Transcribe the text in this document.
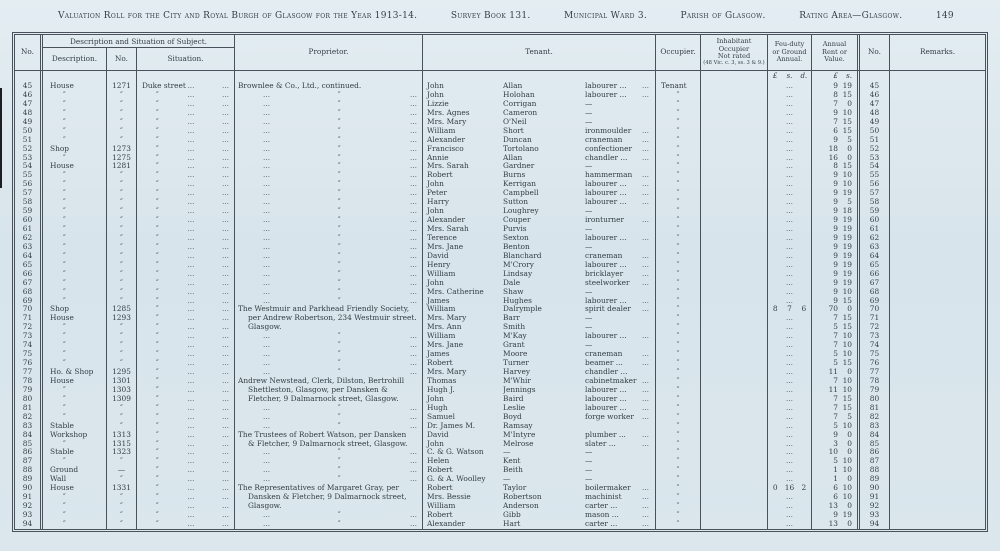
Valuation Roll for the City and Royal Burgh of Glasgow for the Year 1913-14.	Survey Book 131.	Municipal Ward 3.	Parish of Glasgow.	Rating Area—Glasgow.	149
No.
Description and Situation of Subject.
Description.	No.	Situation.
Proprietor.	Tenant.	Occupier.
Inhabitant Occupier
Not rated
(48 Vic. c. 3, ss. 3 & 9.)
Feu-duty
or Ground
Annual.
Annual
Rent or
Value.
No.	Remarks.
£	s.	d.	£	s.
45	House	1271	Duke street ...	...	Brownlee & Co., Ltd., continued.	John	Allan	labourer ... ...	Tenant	...	9 19	45
46	″	″	″	...	...	...	″	...	John	Holohan	labourer ... ...	″	...	8 15	46
47	″	″	″	...	...	...	″	...	Lizzie	Corrigan	—	″	...	7	0	47
48	″	″	″	...	...	...	″	...	Mrs. Agnes	Cameron	—	″	...	9 10	48
49	″	″	″	...	...	...	″	...	Mrs. Mary	O'Neil	—	″	...	7 15	49
50	″	″	″	...	...	...	″	...	William	Short	ironmoulder ...	″	...	6 15	50
51	″	″	″	...	...	...	″	...	Alexander	Duncan	craneman	...	″	...	9	5	51
52	Shop	1273	″	...	...	...	″	...	Francisco	Tortolano	confectioner ...	″	...	18	0	52
53	″	1275	″	...	...	...	″	...	Annie	Allan	chandler ... ...	″	...	16	0	53
54	House	1281	″	...	...	...	″	...	Mrs. Sarah	Gardner	—	″	...	8 15	54
55	″	″	″	...	...	...	″	...	Robert	Burns	hammerman ...	″	...	9 10	55
56	″	″	″	...	...	...	″	...	John	Kerrigan	labourer ... ...	″	...	9 10	56
57	″	″	″	...	...	...	″	...	Peter	Campbell	labourer ... ...	″	...	9 19	57
58	″	″	″	...	...	...	″	...	Harry	Sutton	labourer ... ...	″	...	9	5	58
59	″	″	″	...	...	...	″	...	John	Loughrey	—	″	...	9 18	59
60	″	″	″	...	...	...	″	...	Alexander	Couper	ironturner ...	″	...	9 19	60
61	″	″	″	...	...	...	″	...	Mrs. Sarah	Purvis	—	″	...	9 19	61
62	″	″	″	...	...	...	″	...	Terence	Sexton	labourer ... ...	″	...	9 19	62
63	″	″	″	...	...	...	″	...	Mrs. Jane	Benton	—	″	...	9 19	63
64	″	″	″	...	...	...	″	...	David	Blanchard	craneman	...	″	...	9 19	64
65	″	″	″	...	...	...	″	...	Henry	M'Crory	labourer ... ...	″	...	9 19	65
66	″	″	″	...	...	...	″	...	William	Lindsay	bricklayer	...	″	...	9 19	66
67	″	″	″	...	...	...	″	...	John	Dale	steelworker ...	″	...	9 19	67
68	″	″	″	...	...	...	″	...	Mrs. Catherine	Shaw	—	″	...	9 10	68
69	″	″	″	...	...	...	″	...	James	Hughes	labourer ... ...	″	...	9 15	69
70	Shop	1285	″	...	...	The Westmuir and Parkhead Friendly Society,	William	Dalrymple	spirit dealer ...	″	8	7	6	70	0	70
71	House	1293	″	...	...	per Andrew Robertson, 234 Westmuir street.	Mrs. Mary	Barr	—	″	...	7 15	71
72	″	″	″	...	...	Glasgow.	Mrs. Ann	Smith	—	″	...	5 15	72
73	″	″	″	...	...	...	″	...	William	M'Kay	labourer ... ...	″	...	7 10	73
74	″	″	″	...	...	...	″	...	Mrs. Jane	Grant	—	″	...	7 10	74
75	″	″	″	...	...	...	″	...	James	Moore	craneman	...	″	...	5 10	75
76	″	″	″	...	...	...	″	...	Robert	Turner	beamer ...	...	″	...	5 15	76
77	Ho. & Shop	1295	″	...	...	...	″	...	Mrs. Mary	Harvey	chandler ...	″	...	11	0	77
78	House	1301	″	...	...	Andrew Newstead, Clerk, Dilston, Bertrohill	Thomas	M'Whir	cabinetmaker ...	″	...	7 10	78
79	″	1303	″	...	...	Shettleston, Glasgow, per Dansken &	Hugh J.	Jennings	labourer ... ...	″	...	11 10	79
80	″	1309	″	...	...	Fletcher, 9 Dalmarnock street, Glasgow.	John	Baird	labourer ... ...	″	...	7 15	80
81	″	″	″	...	...	...	″	...	Hugh	Leslie	labourer ... ...	″	...	7 15	81
82	″	″	″	...	...	...	″	...	Samuel	Boyd	forge worker ...	″	...	7	5	82
83	Stable	″	″	...	...	...	″	...	Dr. James M.	Ramsay	″	...	5 10	83
84	Workshop	1313	″	...	...	The Trustees of Robert Watson, per Dansken	David	M'Intyre	plumber ... ...	″	...	9	0	84
85	″	1315	″	...	...	& Fletcher, 9 Dalmarnock street, Glasgow.	John	Melrose	slater ...	...	″	...	3	0	85
86	Stable	1323	″	...	...	...	″	...	C. & G. Watson	—	—	″	...	10	0	86
87	″	″	″	...	...	...	″	...	Helen	Kent	—	″	...	5 10	87
88	Ground	—	″	...	...	...	″	...	Robert	Beith	—	″	...	1 10	88
89	Wall	″	″	...	...	...	″	...	G. & A. Woolley	—	—	″	...	1	0	89
90	House	1331	″	...	...	The Representatives of Margaret Gray, per	Robert	Taylor	boilermaker ...	″	0 16 2	6 10	90
91	″	″	″	...	...	Dansken & Fletcher, 9 Dalmarnock street,	Mrs. Bessie	Robertson	machinist	...	″	...	6 10	91
92	″	″	″	...	...	Glasgow.	William	Anderson	carter ...	...	″	...	13	0	92
93	″	″	″	...	...	...	″	...	Robert	Gibb	mason ...	...	″	...	9 19	93
94	″	″	″	...	...	...	″	...	Alexander	Hart	carter ...	...	″	...	13	0	94
